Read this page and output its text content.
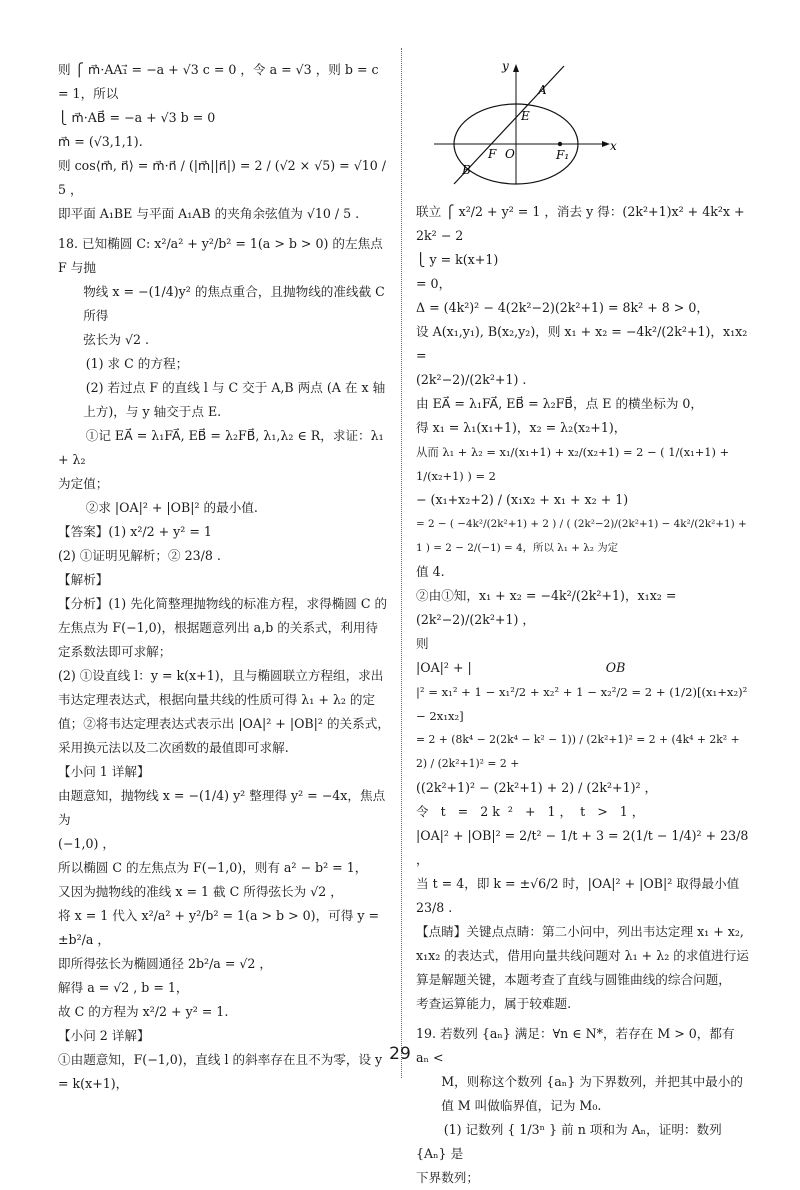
则 ⎧ m⃗·AA₁⃗ = −a + √3 c = 0 ，令 a = √3 ，则 b = c = 1，所以

⎩ m⃗·AB⃗ = −a + √3 b = 0

m⃗ = (√3,1,1).

则 cos⟨m⃗, n⃗⟩ = m⃗·n⃗ / (|m⃗||n⃗|) = 2 / (√2 × √5) = √10 / 5 ，

即平面 A₁BE 与平面 A₁AB 的夹角余弦值为 √10 / 5 .

18. 已知椭圆 C: x²/a² + y²/b² = 1(a > b > 0) 的左焦点 F 与抛

物线 x = −(1/4)y² 的焦点重合，且抛物线的准线截 C 所得

弦长为 √2 .

(1) 求 C 的方程；

(2) 若过点 F 的直线 l 与 C 交于 A,B 两点 (A 在 x 轴

上方)，与 y 轴交于点 E.

①记 EA⃗ = λ₁FA⃗, EB⃗ = λ₂FB⃗, λ₁,λ₂ ∈ R，求证：λ₁ + λ₂

为定值；

②求 |OA|² + |OB|² 的最小值.

【答案】(1) x²/2 + y² = 1

(2) ①证明见解析；② 23/8 .

【解析】

【分析】(1) 先化简整理抛物线的标准方程，求得椭圆 C 的

左焦点为 F(−1,0)，根据题意列出 a,b 的关系式，利用待

定系数法即可求解；

(2) ①设直线 l：y = k(x+1)，且与椭圆联立方程组，求出

韦达定理表达式，根据向量共线的性质可得 λ₁ + λ₂ 的定

值；②将韦达定理表达式表示出 |OA|² + |OB|² 的关系式，

采用换元法以及二次函数的最值即可求解.

【小问 1 详解】

由题意知，抛物线 x = −(1/4) y² 整理得 y² = −4x，焦点为

(−1,0) ，

所以椭圆 C 的左焦点为 F(−1,0)，则有 a² − b² = 1，

又因为抛物线的准线 x = 1 截 C 所得弦长为 √2 ，

将 x = 1 代入 x²/a² + y²/b² = 1(a > b > 0)，可得 y = ±b²/a ，

即所得弦长为椭圆通径 2b²/a = √2 ，

解得 a = √2 , b = 1，

故 C 的方程为 x²/2 + y² = 1.

【小问 2 详解】

①由题意知，F(−1,0)，直线 l 的斜率存在且不为零，设 y

= k(x+1)，

x
y
A
B
E
F O	F₁

联立 ⎧ x²/2 + y² = 1 ，消去 y 得：(2k²+1)x² + 4k²x + 2k² − 2

⎩ y = k(x+1)

= 0，

Δ = (4k²)² − 4(2k²−2)(2k²+1) = 8k² + 8 > 0，

设 A(x₁,y₁), B(x₂,y₂)，则 x₁ + x₂ = −4k²/(2k²+1)，x₁x₂ =

(2k²−2)/(2k²+1) .

由 EA⃗ = λ₁FA⃗, EB⃗ = λ₂FB⃗，点 E 的横坐标为 0，

得 x₁ = λ₁(x₁+1)，x₂ = λ₂(x₂+1)，

从而 λ₁ + λ₂ = x₁/(x₁+1) + x₂/(x₂+1) = 2 − ( 1/(x₁+1) + 1/(x₂+1) ) = 2

− (x₁+x₂+2) / (x₁x₂ + x₁ + x₂ + 1)

= 2 − ( −4k²/(2k²+1) + 2 ) / ( (2k²−2)/(2k²+1) − 4k²/(2k²+1) + 1 ) = 2 − 2/(−1) = 4，所以 λ₁ + λ₂ 为定

值 4.

②由①知，x₁ + x₂ = −4k²/(2k²+1)，x₁x₂ = (2k²−2)/(2k²+1) ，

则

|OA|² + |	OB

|² = x₁² + 1 − x₁²/2 + x₂² + 1 − x₂²/2 = 2 + (1/2)[(x₁+x₂)² − 2x₁x₂]

= 2 + (8k⁴ − 2(2k⁴ − k² − 1)) / (2k²+1)² = 2 + (4k⁴ + 2k² + 2) / (2k²+1)² = 2 +

((2k²+1)² − (2k²+1) + 2) / (2k²+1)² ，

令   t   =   2 k  ²   +   1 ，  t   >   1 ，

|OA|² + |OB|² = 2/t² − 1/t + 3 = 2(1/t − 1/4)² + 23/8 ，

当 t = 4，即 k = ±√6/2 时，|OA|² + |OB|² 取得最小值 23/8 .

【点睛】关键点点睛：第二小问中，列出韦达定理 x₁ + x₂,

x₁x₂ 的表达式，借用向量共线问题对 λ₁ + λ₂ 的求值进行运

算是解题关键，本题考查了直线与圆锥曲线的综合问题，

考查运算能力，属于较难题.

19. 若数列 {aₙ} 满足：∀n ∈ N*，若存在 M > 0，都有 aₙ <

M，则称这个数列 {aₙ} 为下界数列，并把其中最小的

值 M 叫做临界值，记为 M₀.

(1) 记数列 { 1/3ⁿ } 前 n 项和为 Aₙ，证明：数列 {Aₙ} 是

下界数列；

29
